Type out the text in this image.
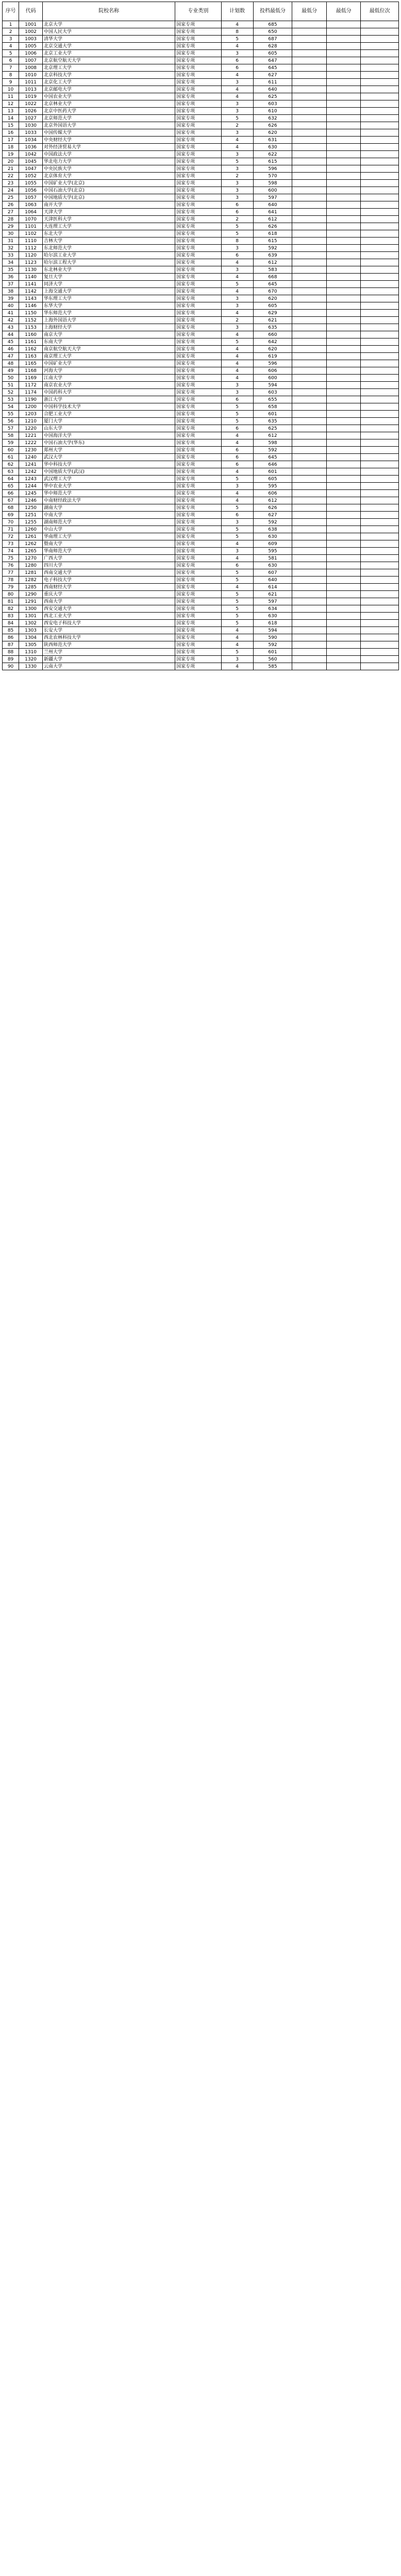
序号	代码	院校名称	专业类别	计划数	投档最低分	最低分	最低分	最低位次
1	1001	北京大学	国家专项	4	685			
2	1002	中国人民大学	国家专项	8	650			
3	1003	清华大学	国家专项	5	687			
4	1005	北京交通大学	国家专项	4	628			
5	1006	北京工业大学	国家专项	3	605			
6	1007	北京航空航天大学	国家专项	6	647			
7	1008	北京理工大学	国家专项	6	645			
8	1010	北京科技大学	国家专项	4	627			
9	1011	北京化工大学	国家专项	3	611			
10	1013	北京邮电大学	国家专项	4	640			
11	1019	中国农业大学	国家专项	4	625			
12	1022	北京林业大学	国家专项	3	603			
13	1026	北京中医药大学	国家专项	3	610			
14	1027	北京师范大学	国家专项	5	632			
15	1030	北京外国语大学	国家专项	2	626			
16	1033	中国传媒大学	国家专项	3	620			
17	1034	中央财经大学	国家专项	4	631			
18	1036	对外经济贸易大学	国家专项	4	630			
19	1042	中国政法大学	国家专项	3	622			
20	1045	华北电力大学	国家专项	5	615			
21	1047	中央民族大学	国家专项	3	596			
22	1052	北京体育大学	国家专项	2	570			
23	1055	中国矿业大学(北京)	国家专项	3	598			
24	1056	中国石油大学(北京)	国家专项	3	600			
25	1057	中国地质大学(北京)	国家专项	3	597			
26	1063	南开大学	国家专项	6	640			
27	1064	天津大学	国家专项	6	641			
28	1070	天津医科大学	国家专项	2	612			
29	1101	大连理工大学	国家专项	5	626			
30	1102	东北大学	国家专项	5	618			
31	1110	吉林大学	国家专项	8	615			
32	1112	东北师范大学	国家专项	3	592			
33	1120	哈尔滨工业大学	国家专项	6	639			
34	1123	哈尔滨工程大学	国家专项	4	612			
35	1130	东北林业大学	国家专项	3	583			
36	1140	复旦大学	国家专项	4	668			
37	1141	同济大学	国家专项	5	645			
38	1142	上海交通大学	国家专项	4	670			
39	1143	华东理工大学	国家专项	3	620			
40	1146	东华大学	国家专项	3	605			
41	1150	华东师范大学	国家专项	4	629			
42	1152	上海外国语大学	国家专项	2	621			
43	1153	上海财经大学	国家专项	3	635			
44	1160	南京大学	国家专项	4	660			
45	1161	东南大学	国家专项	5	642			
46	1162	南京航空航天大学	国家专项	4	620			
47	1163	南京理工大学	国家专项	4	619			
48	1165	中国矿业大学	国家专项	4	596			
49	1168	河海大学	国家专项	4	606			
50	1169	江南大学	国家专项	4	600			
51	1172	南京农业大学	国家专项	3	594			
52	1174	中国药科大学	国家专项	3	603			
53	1190	浙江大学	国家专项	6	655			
54	1200	中国科学技术大学	国家专项	5	658			
55	1203	合肥工业大学	国家专项	5	601			
56	1210	厦门大学	国家专项	5	635			
57	1220	山东大学	国家专项	6	625			
58	1221	中国海洋大学	国家专项	4	612			
59	1222	中国石油大学(华东)	国家专项	4	598			
60	1230	郑州大学	国家专项	6	592			
61	1240	武汉大学	国家专项	6	645			
62	1241	华中科技大学	国家专项	6	646			
63	1242	中国地质大学(武汉)	国家专项	4	601			
64	1243	武汉理工大学	国家专项	5	605			
65	1244	华中农业大学	国家专项	3	595			
66	1245	华中师范大学	国家专项	4	606			
67	1246	中南财经政法大学	国家专项	4	612			
68	1250	湖南大学	国家专项	5	626			
69	1251	中南大学	国家专项	6	627			
70	1255	湖南师范大学	国家专项	3	592			
71	1260	中山大学	国家专项	5	638			
72	1261	华南理工大学	国家专项	5	630			
73	1262	暨南大学	国家专项	4	609			
74	1265	华南师范大学	国家专项	3	595			
75	1270	广西大学	国家专项	4	581			
76	1280	四川大学	国家专项	6	630			
77	1281	西南交通大学	国家专项	5	607			
78	1282	电子科技大学	国家专项	5	640			
79	1285	西南财经大学	国家专项	4	614			
80	1290	重庆大学	国家专项	5	621			
81	1291	西南大学	国家专项	5	597			
82	1300	西安交通大学	国家专项	5	634			
83	1301	西北工业大学	国家专项	5	630			
84	1302	西安电子科技大学	国家专项	5	618			
85	1303	长安大学	国家专项	4	594			
86	1304	西北农林科技大学	国家专项	4	590			
87	1305	陕西师范大学	国家专项	4	592			
88	1310	兰州大学	国家专项	5	601			
89	1320	新疆大学	国家专项	3	560			
90	1330	云南大学	国家专项	4	585			
